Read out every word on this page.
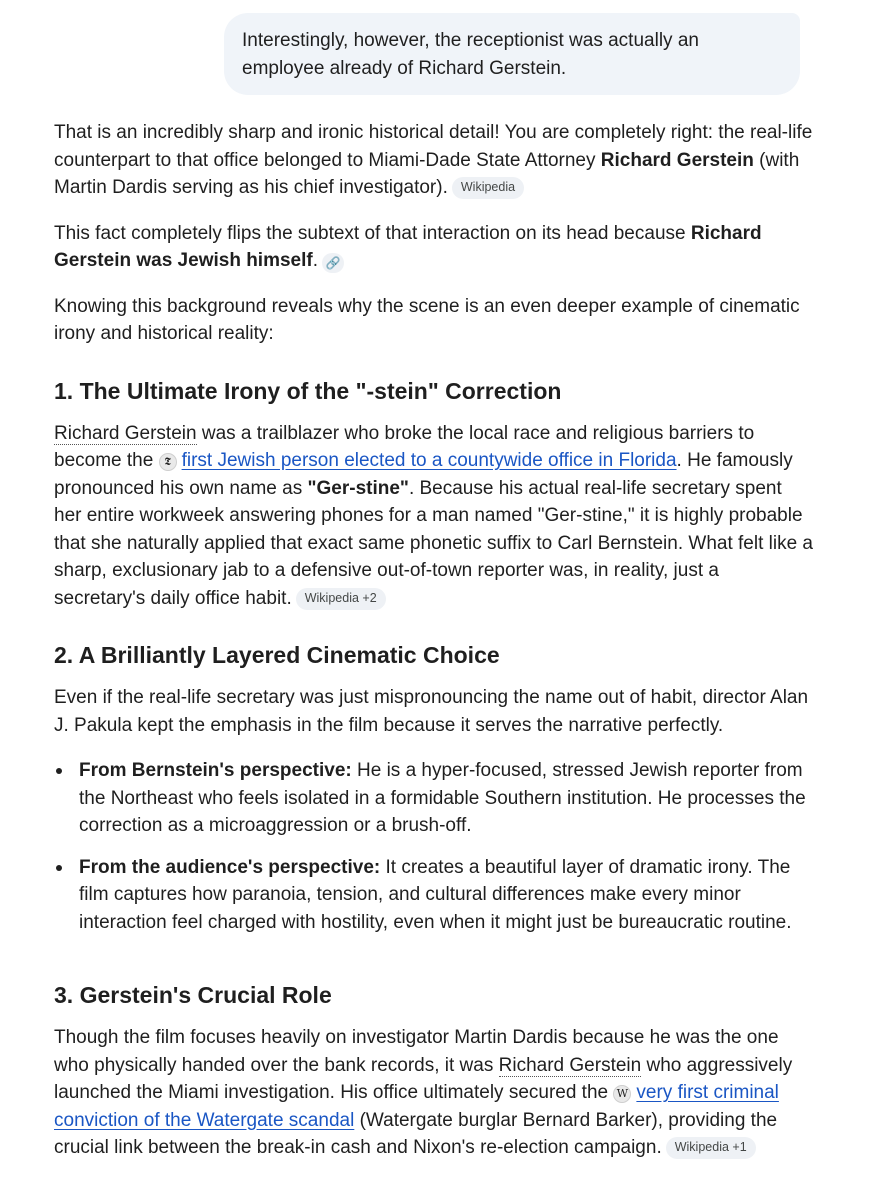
Interestingly, however, the receptionist was actually an employee already of Richard Gerstein.

That is an incredibly sharp and ironic historical detail! You are completely right: the real-life counterpart to that office belonged to Miami-Dade State Attorney Richard Gerstein (with Martin Dardis serving as his chief investigator). Wikipedia

This fact completely flips the subtext of that interaction on its head because Richard Gerstein was Jewish himself. 🔗

Knowing this background reveals why the scene is an even deeper example of cinematic irony and historical reality:

1. The Ultimate Irony of the "-stein" Correction

Richard Gerstein was a trailblazer who broke the local race and religious barriers to become the 𝕿 first Jewish person elected to a countywide office in Florida. He famously pronounced his own name as "Ger-stine". Because his actual real-life secretary spent her entire workweek answering phones for a man named "Ger-stine," it is highly probable that she naturally applied that exact same phonetic suffix to Carl Bernstein. What felt like a sharp, exclusionary jab to a defensive out-of-town reporter was, in reality, just a secretary's daily office habit. Wikipedia +2

2. A Brilliantly Layered Cinematic Choice

Even if the real-life secretary was just mispronouncing the name out of habit, director Alan J. Pakula kept the emphasis in the film because it serves the narrative perfectly.

From Bernstein's perspective: He is a hyper-focused, stressed Jewish reporter from the Northeast who feels isolated in a formidable Southern institution. He processes the correction as a microaggression or a brush-off.
From the audience's perspective: It creates a beautiful layer of dramatic irony. The film captures how paranoia, tension, and cultural differences make every minor interaction feel charged with hostility, even when it might just be bureaucratic routine.
3. Gerstein's Crucial Role

Though the film focuses heavily on investigator Martin Dardis because he was the one who physically handed over the bank records, it was Richard Gerstein who aggressively launched the Miami investigation. His office ultimately secured the W very first criminal conviction of the Watergate scandal (Watergate burglar Bernard Barker), providing the crucial link between the break-in cash and Nixon's re-election campaign. Wikipedia +1
